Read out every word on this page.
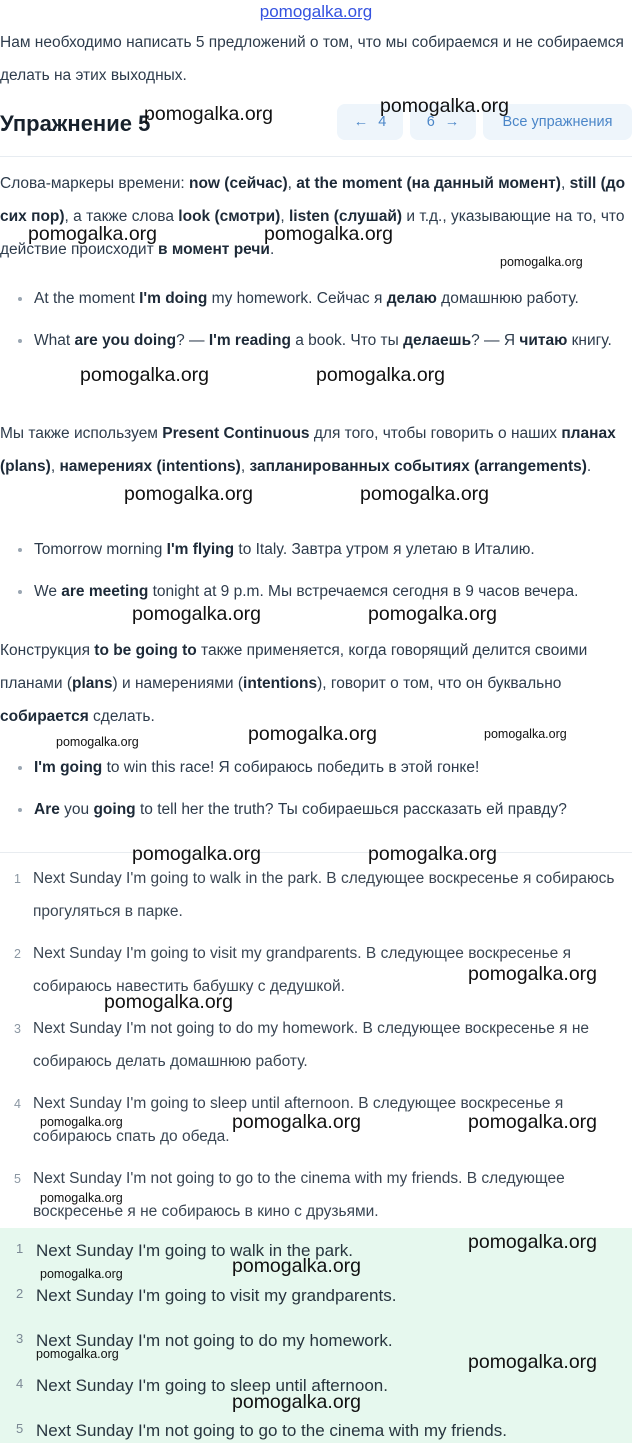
pomogalka.org
Нам необходимо написать 5 предложений о том, что мы собираемся и не собираемся делать на этих выходных.
Упражнение 5	← 4	6 →	Все упражнения
Слова-маркеры времени: now (сейчас), at the moment (на данный момент), still (до сих пор), а также слова look (смотри), listen (слушай) и т.д., указывающие на то, что действие происходит в момент речи.
At the moment I'm doing my homework. Сейчас я делаю домашнюю работу.
What are you doing? — I'm reading a book. Что ты делаешь? — Я читаю книгу.
Мы также используем Present Continuous для того, чтобы говорить о наших планах (plans), намерениях (intentions), запланированных событиях (arrangements).
Tomorrow morning I'm flying to Italy. Завтра утром я улетаю в Италию.
We are meeting tonight at 9 p.m. Мы встречаемся сегодня в 9 часов вечера.
Конструкция to be going to также применяется, когда говорящий делится своими планами (plans) и намерениями (intentions), говорит о том, что он буквально собирается сделать.
I'm going to win this race! Я собираюсь победить в этой гонке!
Are you going to tell her the truth? Ты собираешься рассказать ей правду?
1 Next Sunday I'm going to walk in the park. В следующее воскресенье я собираюсь прогуляться в парке.
2 Next Sunday I'm going to visit my grandparents. В следующее воскресенье я собираюсь навестить бабушку с дедушкой.
3 Next Sunday I'm not going to do my homework. В следующее воскресенье я не собираюсь делать домашнюю работу.
4 Next Sunday I'm going to sleep until afternoon. В следующее воскресенье я собираюсь спать до обеда.
5 Next Sunday I'm not going to go to the cinema with my friends. В следующее воскресенье я не собираюсь в кино с друзьями.
1 Next Sunday I'm going to walk in the park.
2 Next Sunday I'm going to visit my grandparents.
3 Next Sunday I'm not going to do my homework.
4 Next Sunday I'm going to sleep until afternoon.
5 Next Sunday I'm not going to go to the cinema with my friends.
pomogalka.org	pomogalka.org
pomogalka.org	pomogalka.org
pomogalka.org
pomogalka.org	pomogalka.org
pomogalka.org	pomogalka.org
pomogalka.org	pomogalka.org
pomogalka.org	pomogalka.org	pomogalka.org
pomogalka.org	pomogalka.org
pomogalka.org
pomogalka.org
pomogalka.org	pomogalka.org	pomogalka.org
pomogalka.org
pomogalka.org
pomogalka.org	pomogalka.org
pomogalka.org	pomogalka.org
pomogalka.org
